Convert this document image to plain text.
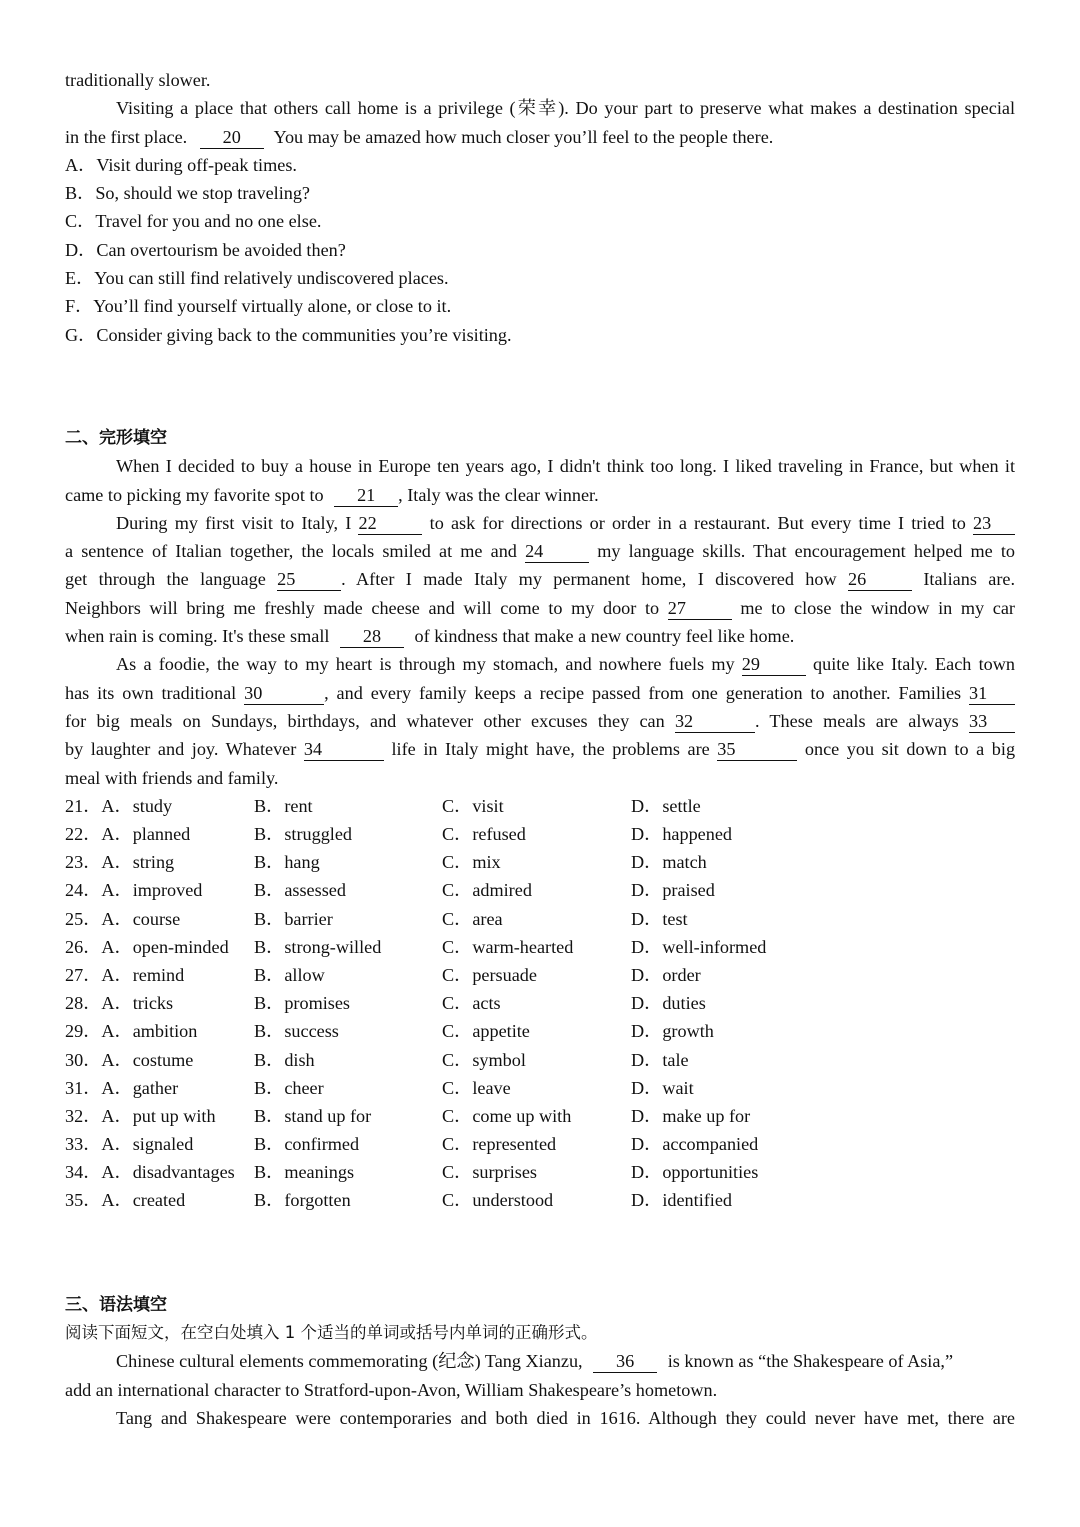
traditionally slower.
Visiting a place that others call home is a privilege (荣幸). Do your part to preserve what makes a destination special
in the first place. 20 You may be amazed how much closer you’ll feel to the people there.
A．Visit during off-peak times.
B．So, should we stop traveling?
C．Travel for you and no one else.
D．Can overtourism be avoided then?
E．You can still find relatively undiscovered places.
F．You’ll find yourself virtually alone, or close to it.
G．Consider giving back to the communities you’re visiting.
二、完形填空
When I decided to buy a house in Europe ten years ago, I didn't think too long. I liked traveling in France, but when it
came to picking my favorite spot to 21 , Italy was the clear winner.
During my first visit to Italy, I 22	to ask for directions or order in a restaurant. But every time I tried to 23
a sentence of Italian together, the locals smiled at me and 24	my language skills. That encouragement helped me to
get through the language 25	. After I made Italy my permanent home, I discovered how 26	Italians are.
Neighbors will bring me freshly made cheese and will come to my door to 27	me to close the window in my car
when rain is coming. It's these small 28 of kindness that make a new country feel like home.
As a foodie, the way to my heart is through my stomach, and nowhere fuels my 29	quite like Italy. Each town
has its own traditional 30	, and every family keeps a recipe passed from one generation to another. Families 31
for big meals on Sundays, birthdays, and whatever other excuses they can 32	. These meals are always 33
by laughter and joy. Whatever 34	life in Italy might have, the problems are 35	once you sit down to a big
meal with friends and family.
21．A．study	B．rent	C．visit	D．settle
22．A．planned	B．struggled	C．refused	D．happened
23．A．string	B．hang	C．mix	D．match
24．A．improved	B．assessed	C．admired	D．praised
25．A．course	B．barrier	C．area	D．test
26．A．open-minded B．strong-willed	C．warm-hearted	D．well-informed
27．A．remind	B．allow	C．persuade	D．order
28．A．tricks	B．promises	C．acts	D．duties
29．A．ambition	B．success	C．appetite	D．growth
30．A．costume	B．dish	C．symbol	D．tale
31．A．gather	B．cheer	C．leave	D．wait
32．A．put up with B．stand up for	C．come up with	D．make up for
33．A．signaled	B．confirmed	C．represented	D．accompanied
34．A．disadvantages B．meanings	C．surprises	D．opportunities
35．A．created	B．forgotten	C．understood	D．identified
三、语法填空
阅读下面短文，在空白处填入 1 个适当的单词或括号内单词的正确形式。
Chinese cultural elements commemorating (纪念) Tang Xianzu, 36 is known as “the Shakespeare of Asia,”
add an international character to Stratford-upon-Avon, William Shakespeare’s hometown.
Tang and Shakespeare were contemporaries and both died in 1616. Although they could never have met, there are
